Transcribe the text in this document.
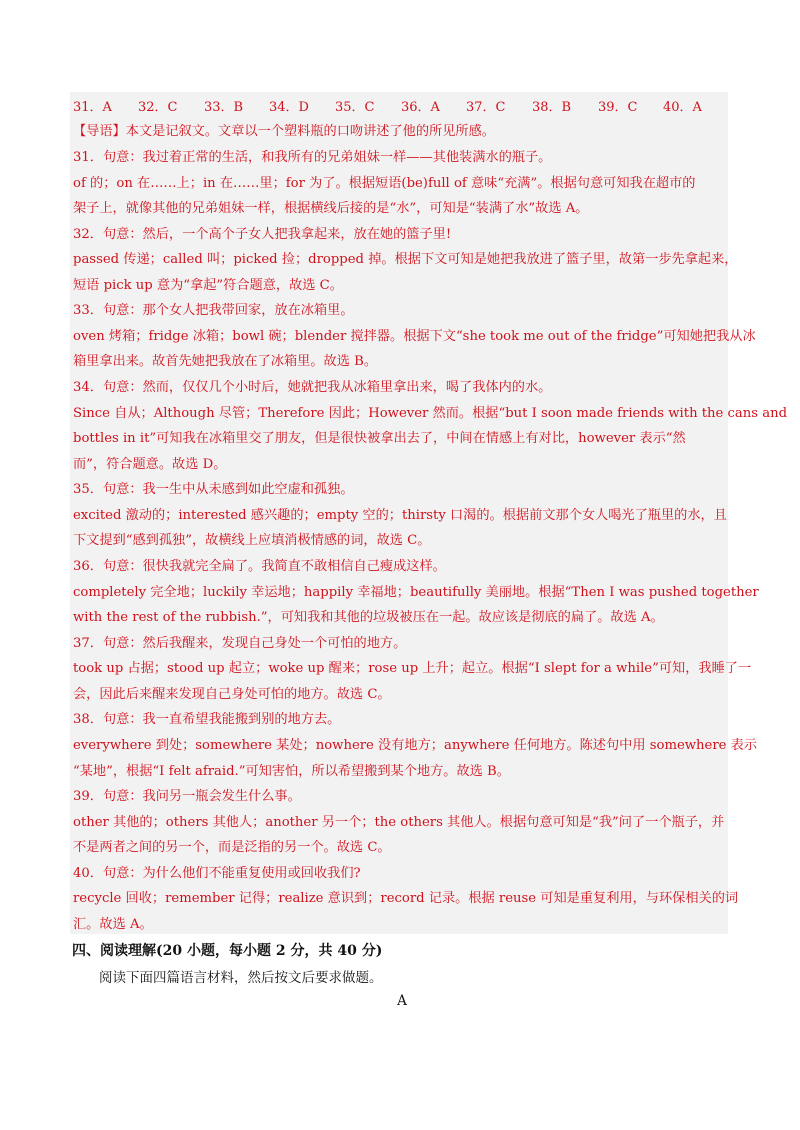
31．A 32．C 33．B 34．D 35．C 36．A 37．C 38．B 39．C 40．A
【导语】本文是记叙文。文章以一个塑料瓶的口吻讲述了他的所见所感。
31．句意：我过着正常的生活，和我所有的兄弟姐妹一样——其他装满水的瓶子。
of 的；on 在……上；in 在……里；for 为了。根据短语(be)full of 意味“充满”。根据句意可知我在超市的
架子上，就像其他的兄弟姐妹一样，根据横线后接的是“水”，可知是“装满了水”故选 A。
32．句意：然后，一个高个子女人把我拿起来，放在她的篮子里!
passed 传递；called 叫；picked 捡；dropped 掉。根据下文可知是她把我放进了篮子里，故第一步先拿起来，
短语 pick up 意为“拿起”符合题意，故选 C。
33．句意：那个女人把我带回家，放在冰箱里。
oven 烤箱；fridge 冰箱；bowl 碗；blender 搅拌器。根据下文“she took me out of the fridge”可知她把我从冰
箱里拿出来。故首先她把我放在了冰箱里。故选 B。
34．句意：然而，仅仅几个小时后，她就把我从冰箱里拿出来，喝了我体内的水。
Since 自从；Although 尽管；Therefore 因此；However 然而。根据“but I soon made friends with the cans and
bottles in it”可知我在冰箱里交了朋友，但是很快被拿出去了，中间在情感上有对比，however 表示“然
而”，符合题意。故选 D。
35．句意：我一生中从未感到如此空虚和孤独。
excited 激动的；interested 感兴趣的；empty 空的；thirsty 口渴的。根据前文那个女人喝光了瓶里的水，且
下文提到“感到孤独”，故横线上应填消极情感的词，故选 C。
36．句意：很快我就完全扁了。我简直不敢相信自己瘦成这样。
completely 完全地；luckily 幸运地；happily 幸福地；beautifully 美丽地。根据“Then I was pushed together
with the rest of the rubbish.”，可知我和其他的垃圾被压在一起。故应该是彻底的扁了。故选 A。
37．句意：然后我醒来，发现自己身处一个可怕的地方。
took up 占据；stood up 起立；woke up 醒来；rose up 上升；起立。根据“I slept for a while”可知，我睡了一
会，因此后来醒来发现自己身处可怕的地方。故选 C。
38．句意：我一直希望我能搬到别的地方去。
everywhere 到处；somewhere 某处；nowhere 没有地方；anywhere 任何地方。陈述句中用 somewhere 表示
“某地”，根据“I felt afraid.”可知害怕，所以希望搬到某个地方。故选 B。
39．句意：我问另一瓶会发生什么事。
other 其他的；others 其他人；another 另一个；the others 其他人。根据句意可知是“我”问了一个瓶子，并
不是两者之间的另一个，而是泛指的另一个。故选 C。
40．句意：为什么他们不能重复使用或回收我们?
recycle 回收；remember 记得；realize 意识到；record 记录。根据 reuse 可知是重复利用，与环保相关的词
汇。故选 A。
四、阅读理解(20 小题，每小题 2 分，共 40 分)
阅读下面四篇语言材料，然后按文后要求做题。
A
